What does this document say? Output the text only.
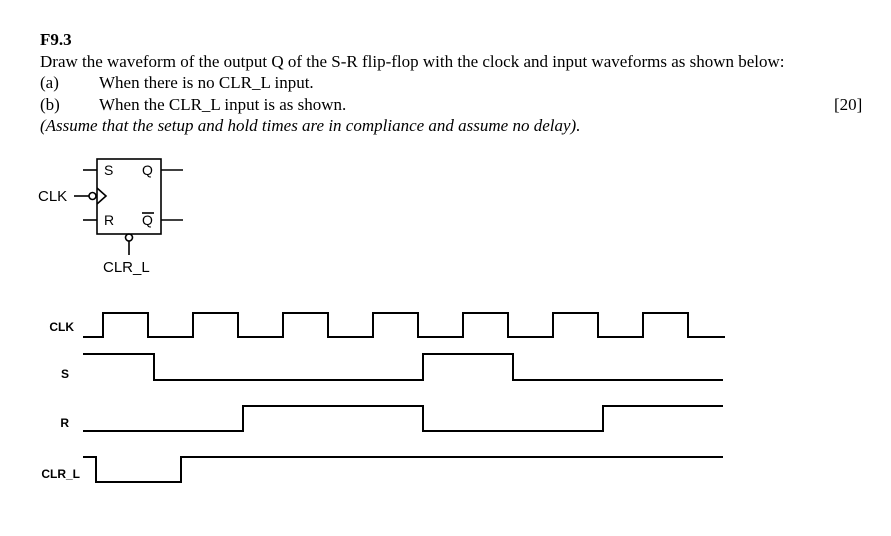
F9.3
Draw the waveform of the output Q of the S-R flip-flop with the clock and input waveforms as shown below:
(a) When there is no CLR_L input.
(b) When the CLR_L input is as shown.	[20]
(Assume that the setup and hold times are in compliance and assume no delay).
S Q
R Q
CLK
CLR_L
CLK
S
R
CLR_L
